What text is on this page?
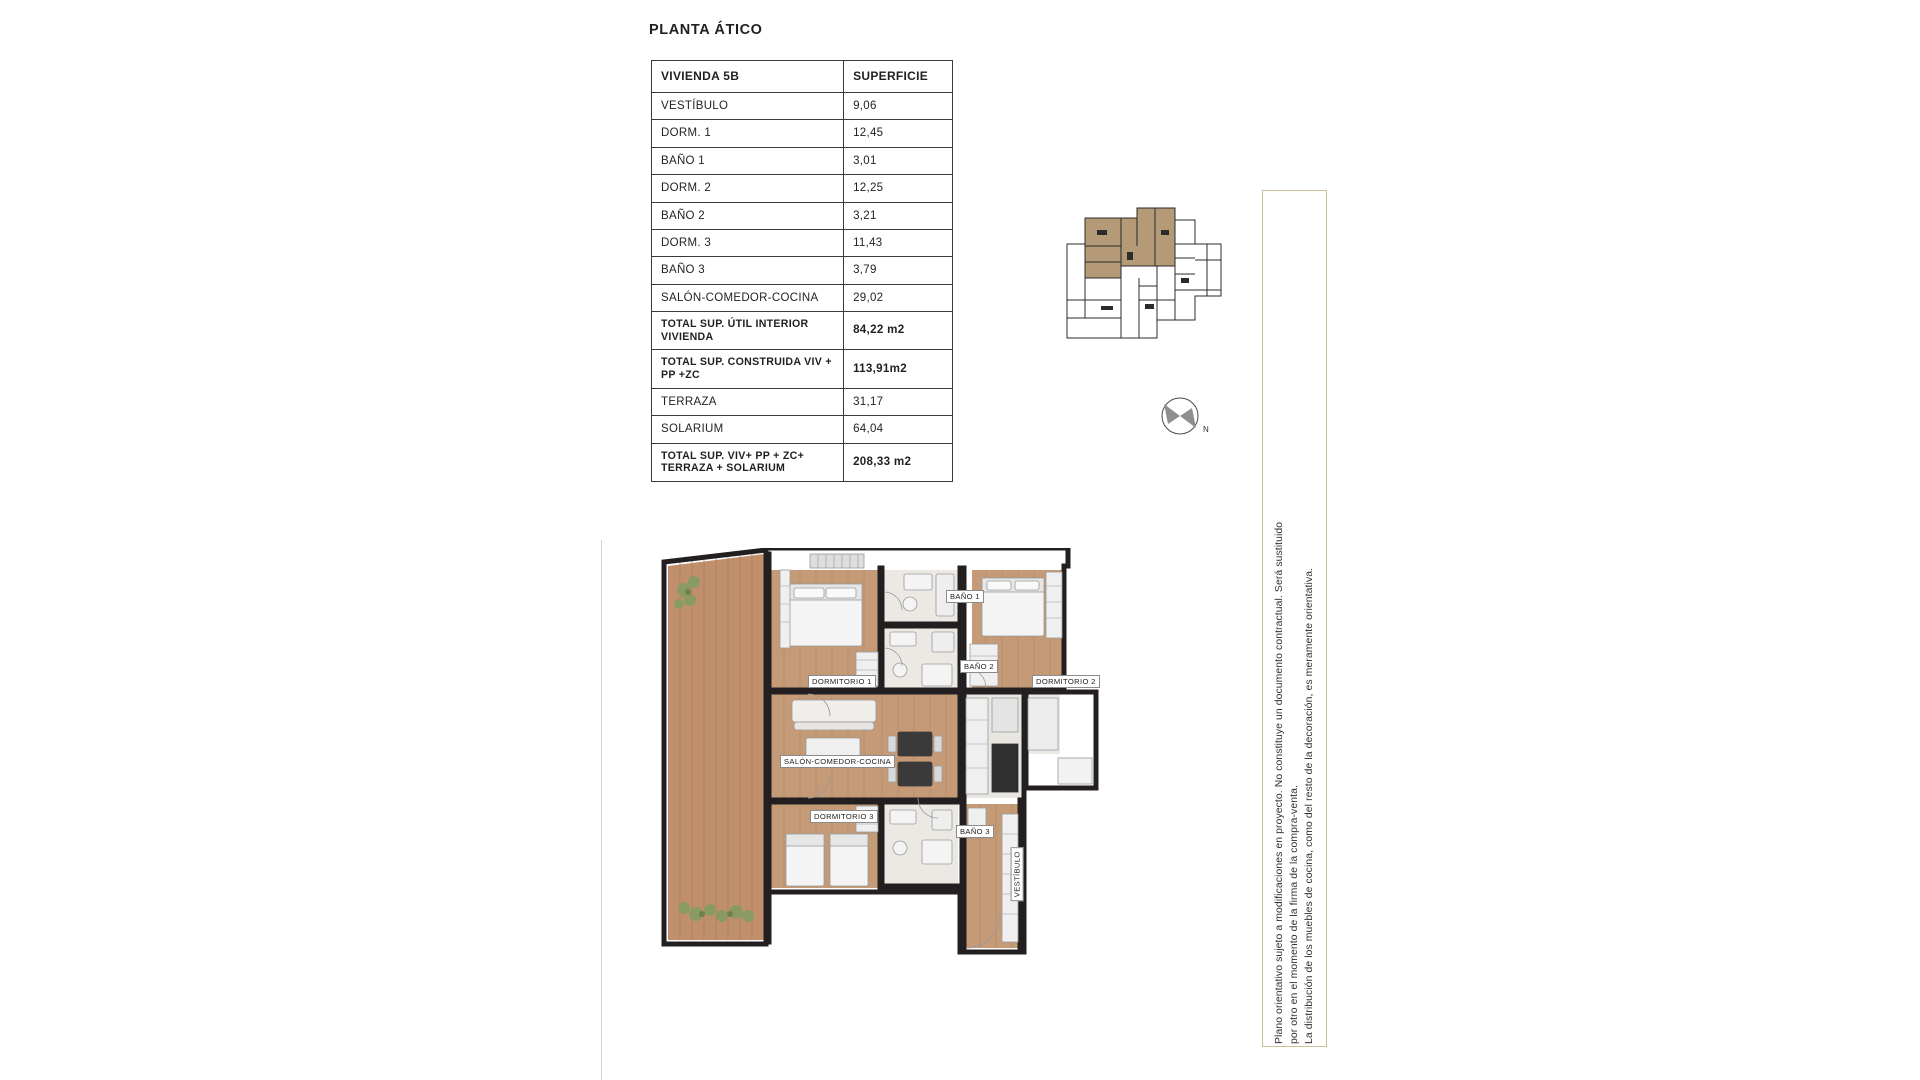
PLANTA ÁTICO
VIVIENDA 5B	SUPERFICIE
VESTÍBULO	9,06
DORM. 1	12,45
BAÑO 1	3,01
DORM. 2	12,25
BAÑO 2	3,21
DORM. 3	11,43
BAÑO 3	3,79
SALÓN-COMEDOR-COCINA	29,02
TOTAL SUP. ÚTIL INTERIOR VIVIENDA	84,22 m2
TOTAL SUP. CONSTRUIDA VIV + PP +ZC	113,91m2
TERRAZA	31,17
SOLARIUM	64,04
TOTAL SUP. VIV+ PP + ZC+ TERRAZA + SOLARIUM	208,33 m2
N
Plano orientativo sujeto a modificaciones en proyecto. No constituye un documento contractual. Será sustituido por otro en el momento de la firma de la compra-venta. La distribución de los muebles de cocina, como del resto de la decoración, es meramente orientativa.
BAÑO 1
BAÑO 2
DORMITORIO 1	DORMITORIO 2
SALÓN-COMEDOR-COCINA
DORMITORIO 3
BAÑO 3
VESTÍBULO
